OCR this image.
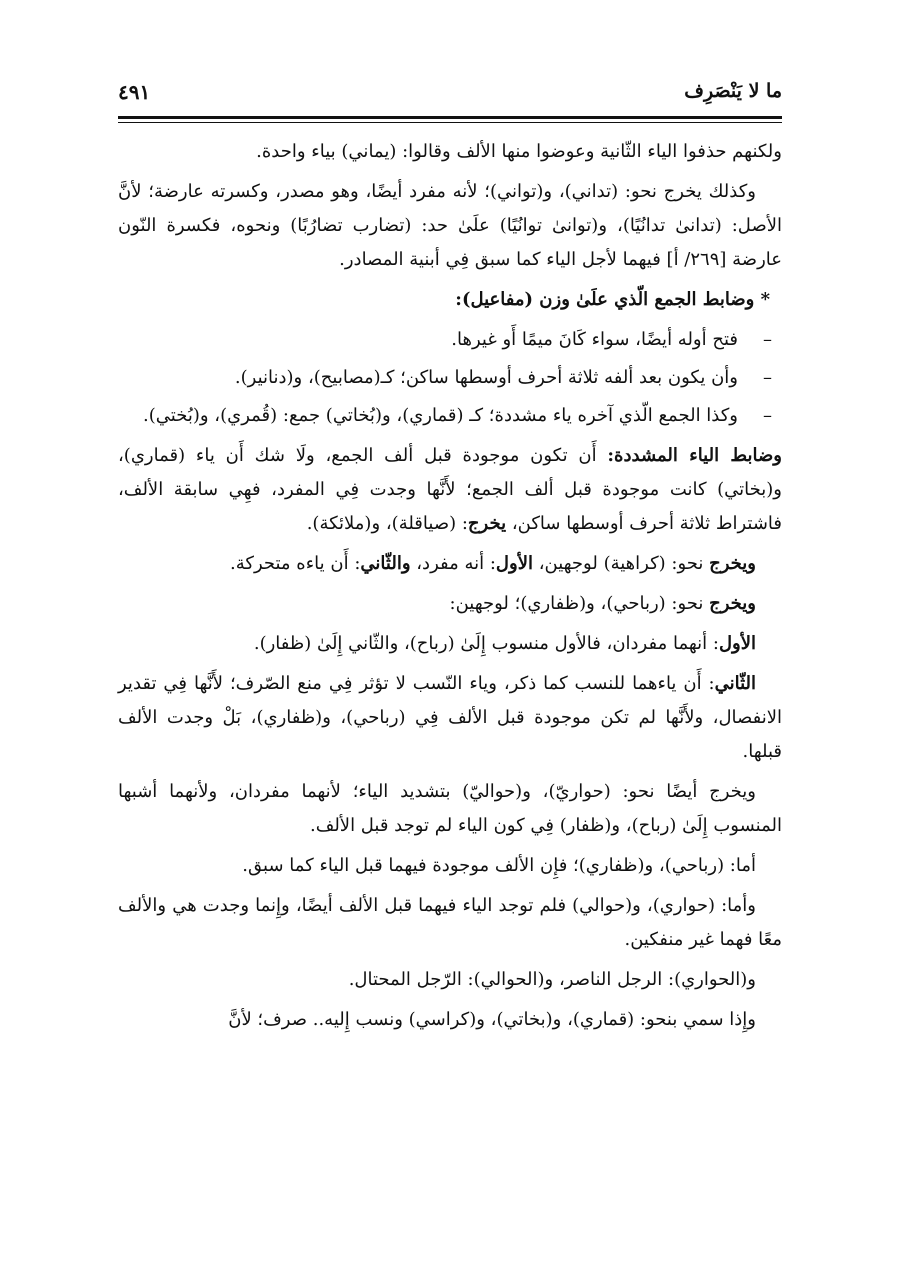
ما لا يَنْصَرِف
٤٩١

ولكنهم حذفوا الياء الثّانية وعوضوا منها الألف وقالوا: (يماني) بياء واحدة.

وكذلك يخرج نحو: (تداني)، و(تواني)؛ لأنه مفرد أيضًا، وهو مصدر، وكسرته عارضة؛ لأنَّ الأصل: (تدانىٰ تدانُيًا)، و(توانىٰ توانُيًا) علَىٰ حد: (تضارب تضارُبًا) ونحوه، فكسرة النّون عارضة [٢٦٩/ أ] فيهما لأجل الياء كما سبق فِي أبنية المصادر.

* وضابط الجمع الّذي علَىٰ وزن (مفاعيل):

–
فتح أوله أيضًا، سواء كَانَ ميمًا أَو غيرها.
–
وأن يكون بعد ألفه ثلاثة أحرف أوسطها ساكن؛ كـ(مصابيح)، و(دنانير).
–
وكذا الجمع الّذي آخره ياء مشددة؛ كـ (قماري)، و(بُخاتي) جمع: (قُمري)، و(بُختي).

وضابط الياء المشددة: أَن تكون موجودة قبل ألف الجمع، ولَا شك أَن ياء (قماري)، و(بخاتي) كانت موجودة قبل ألف الجمع؛ لأَنَّها وجدت فِي المفرد، فهِي سابقة الألف، فاشتراط ثلاثة أحرف أوسطها ساكن، يخرج: (صياقلة)، و(ملائكة).

ويخرج نحو: (كراهية) لوجهين، الأول: أنه مفرد، والثّاني: أَن ياءه متحركة.

ويخرج نحو: (رباحي)، و(ظفاري)؛ لوجهين:

الأول: أنهما مفردان، فالأول منسوب إِلَىٰ (رباح)، والثّاني إِلَىٰ (ظفار).

الثّاني: أَن ياءهما للنسب كما ذكر، وياء النّسب لا تؤثر فِي منع الصّرف؛ لأَنَّها فِي تقدير الانفصال، ولأَنَّها لم تكن موجودة قبل الألف فِي (رباحي)، و(ظفاري)، بَلْ وجدت الألف قبلها.

ويخرج أيضًا نحو: (حواريّ)، و(حواليّ) بتشديد الياء؛ لأنهما مفردان، ولأنهما أشبها المنسوب إِلَىٰ (رباح)، و(ظفار) فِي كون الياء لم توجد قبل الألف.

أما: (رباحي)، و(ظفاري)؛ فإِن الألف موجودة فيهما قبل الياء كما سبق.

وأما: (حواري)، و(حوالي) فلم توجد الياء فيهما قبل الألف أيضًا، وإِنما وجدت هي والألف معًا فهما غير منفكين.

و(الحواري): الرجل الناصر، و(الحوالي): الرّجل المحتال.

وإِذا سمي بنحو: (قماري)، و(بخاتي)، و(كراسي) ونسب إِليه.. صرف؛ لأنَّ
